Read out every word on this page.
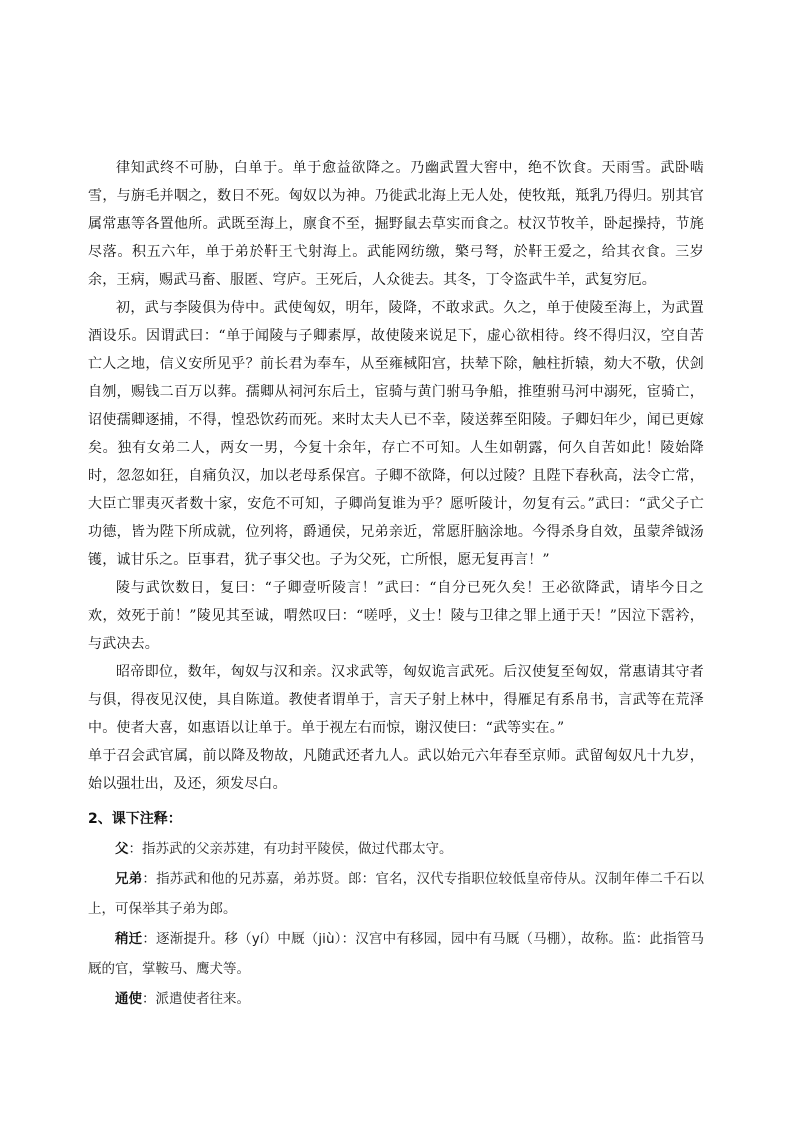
律知武终不可胁，白单于。单于愈益欲降之。乃幽武置大窖中，绝不饮食。天雨雪。武卧啮雪，与旃毛并咽之，数日不死。匈奴以为神。乃徙武北海上无人处，使牧羝，羝乳乃得归。别其官属常惠等各置他所。武既至海上，廪食不至，掘野鼠去草实而食之。杖汉节牧羊，卧起操持，节旄尽落。积五六年，单于弟於靬王弋射海上。武能网纺缴，檠弓弩，於靬王爱之，给其衣食。三岁余，王病，赐武马畜、服匿、穹庐。王死后，人众徙去。其冬，丁令盗武牛羊，武复穷厄。

初，武与李陵俱为侍中。武使匈奴，明年，陵降，不敢求武。久之，单于使陵至海上，为武置酒设乐。因谓武曰：“单于闻陵与子卿素厚，故使陵来说足下，虚心欲相待。终不得归汉，空自苦亡人之地，信义安所见乎？前长君为奉车，从至雍棫阳宫，扶辇下除，触柱折辕，劾大不敬，伏剑自刎，赐钱二百万以葬。孺卿从祠河东后土，宦骑与黄门驸马争船，推堕驸马河中溺死，宦骑亡，诏使孺卿逐捕，不得，惶恐饮药而死。来时太夫人已不幸，陵送葬至阳陵。子卿妇年少，闻已更嫁矣。独有女弟二人，两女一男，今复十余年，存亡不可知。人生如朝露，何久自苦如此！陵始降时，忽忽如狂，自痛负汉，加以老母系保宫。子卿不欲降，何以过陵？且陛下春秋高，法令亡常，大臣亡罪夷灭者数十家，安危不可知，子卿尚复谁为乎？愿听陵计，勿复有云。”武曰：“武父子亡功德，皆为陛下所成就，位列将，爵通侯，兄弟亲近，常愿肝脑涂地。今得杀身自效，虽蒙斧钺汤镬，诚甘乐之。臣事君，犹子事父也。子为父死，亡所恨，愿无复再言！”

陵与武饮数日，复曰：“子卿壹听陵言！”武曰：“自分已死久矣！王必欲降武，请毕今日之欢，效死于前！”陵见其至诚，喟然叹曰：“嗟呼，义士！陵与卫律之罪上通于天！”因泣下霑衿，与武决去。

昭帝即位，数年，匈奴与汉和亲。汉求武等，匈奴诡言武死。后汉使复至匈奴，常惠请其守者与俱，得夜见汉使，具自陈道。教使者谓单于，言天子射上林中，得雁足有系帛书，言武等在荒泽中。使者大喜，如惠语以让单于。单于视左右而惊，谢汉使曰：“武等实在。”

单于召会武官属，前以降及物故，凡随武还者九人。武以始元六年春至京师。武留匈奴凡十九岁，始以强壮出，及还，须发尽白。

2、课下注释：

父：指苏武的父亲苏建，有功封平陵侯，做过代郡太守。

兄弟：指苏武和他的兄苏嘉，弟苏贤。郎：官名，汉代专指职位较低皇帝侍从。汉制年俸二千石以上，可保举其子弟为郎。

稍迁：逐渐提升。移（yí）中厩（jiù）：汉宫中有移园，园中有马厩（马棚），故称。监：此指管马厩的官，掌鞍马、鹰犬等。

通使：派遣使者往来。
